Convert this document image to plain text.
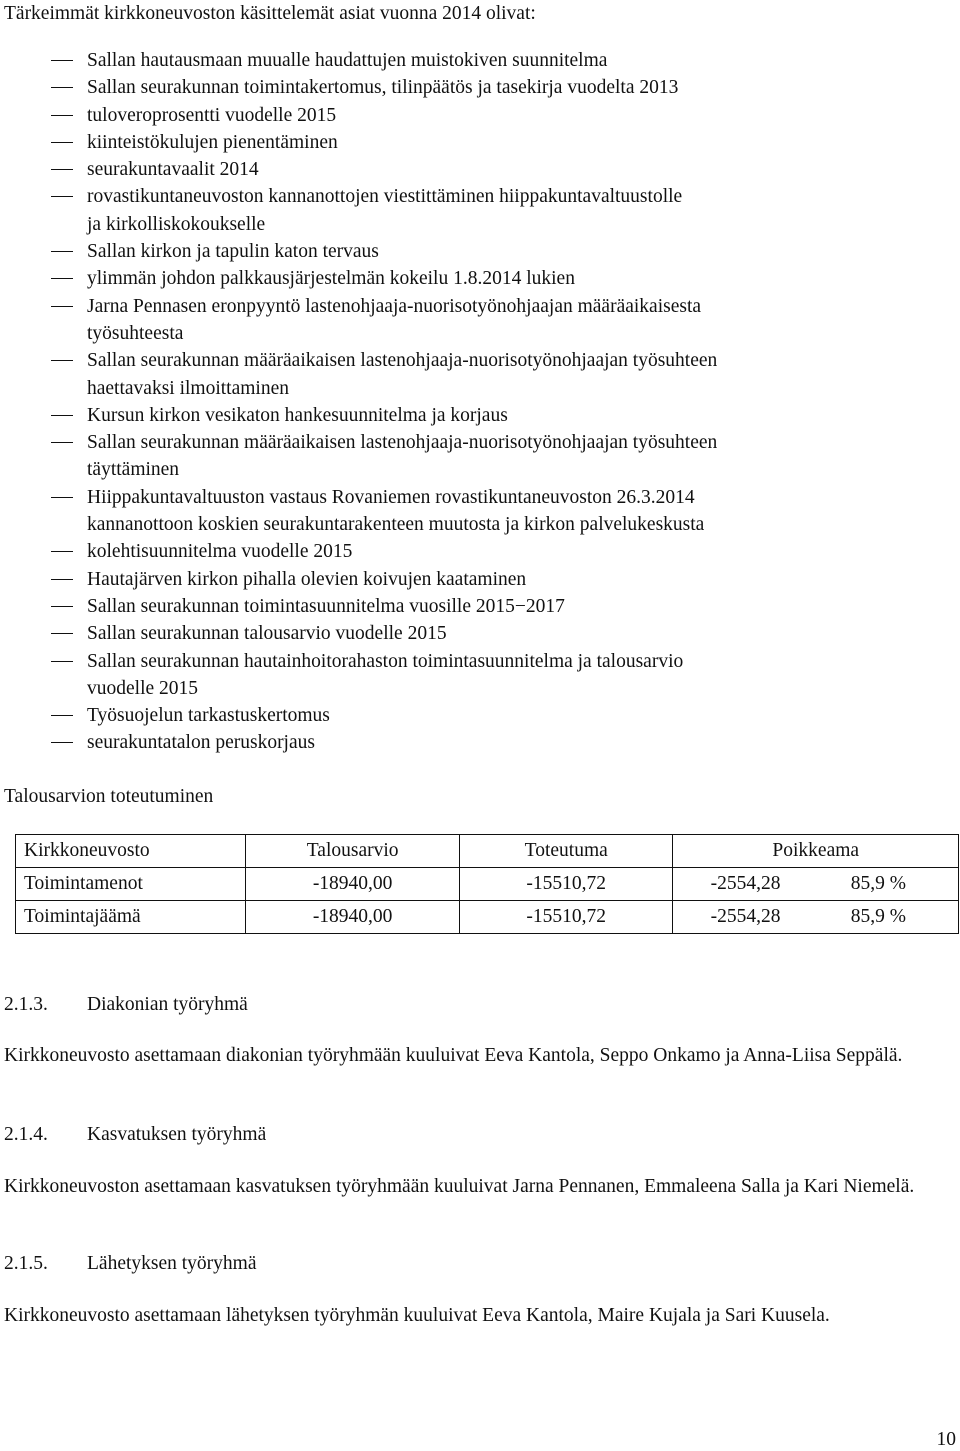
Tärkeimmät kirkkoneuvoston käsittelemät asiat vuonna 2014 olivat:
Sallan hautausmaan muualle haudattujen muistokiven suunnitelma
Sallan seurakunnan toimintakertomus, tilinpäätös ja tasekirja vuodelta 2013
tuloveroprosentti vuodelle 2015
kiinteistökulujen pienentäminen
seurakuntavaalit 2014
rovastikuntaneuvoston kannanottojen viestittäminen hiippakuntavaltuustolle
ja kirkolliskokoukselle
Sallan kirkon ja tapulin katon tervaus
ylimmän johdon palkkausjärjestelmän kokeilu 1.8.2014 lukien
Jarna Pennasen eronpyyntö lastenohjaaja-nuorisotyönohjaajan määräaikaisesta
työsuhteesta
Sallan seurakunnan määräaikaisen lastenohjaaja-nuorisotyönohjaajan työsuhteen
haettavaksi ilmoittaminen
Kursun kirkon vesikaton hankesuunnitelma ja korjaus
Sallan seurakunnan määräaikaisen lastenohjaaja-nuorisotyönohjaajan työsuhteen
täyttäminen
Hiippakuntavaltuuston vastaus Rovaniemen rovastikuntaneuvoston 26.3.2014
kannanottoon koskien seurakuntarakenteen muutosta ja kirkon palvelukeskusta
kolehtisuunnitelma vuodelle 2015
Hautajärven kirkon pihalla olevien koivujen kaataminen
Sallan seurakunnan toimintasuunnitelma vuosille 2015−2017
Sallan seurakunnan talousarvio vuodelle 2015
Sallan seurakunnan hautainhoitorahaston toimintasuunnitelma ja talousarvio
vuodelle 2015
Työsuojelun tarkastuskertomus
seurakuntatalon peruskorjaus
Talousarvion toteutuminen
Kirkkoneuvosto	Talousarvio	Toteutuma	Poikkeama	
Toimintamenot	-18940,00	-15510,72	-2554,28	85,9 %
Toimintajäämä	-18940,00	-15510,72	-2554,28	85,9 %
2.1.3. Diakonian työryhmä
Kirkkoneuvosto asettamaan diakonian työryhmään kuuluivat Eeva Kantola, Seppo Onkamo ja Anna-Liisa Seppälä.
2.1.4. Kasvatuksen työryhmä
Kirkkoneuvoston asettamaan kasvatuksen työryhmään kuuluivat Jarna Pennanen, Emmaleena Salla ja Kari Niemelä.
2.1.5. Lähetyksen työryhmä
Kirkkoneuvosto asettamaan lähetyksen työryhmän kuuluivat Eeva Kantola, Maire Kujala ja Sari Kuusela.
10
